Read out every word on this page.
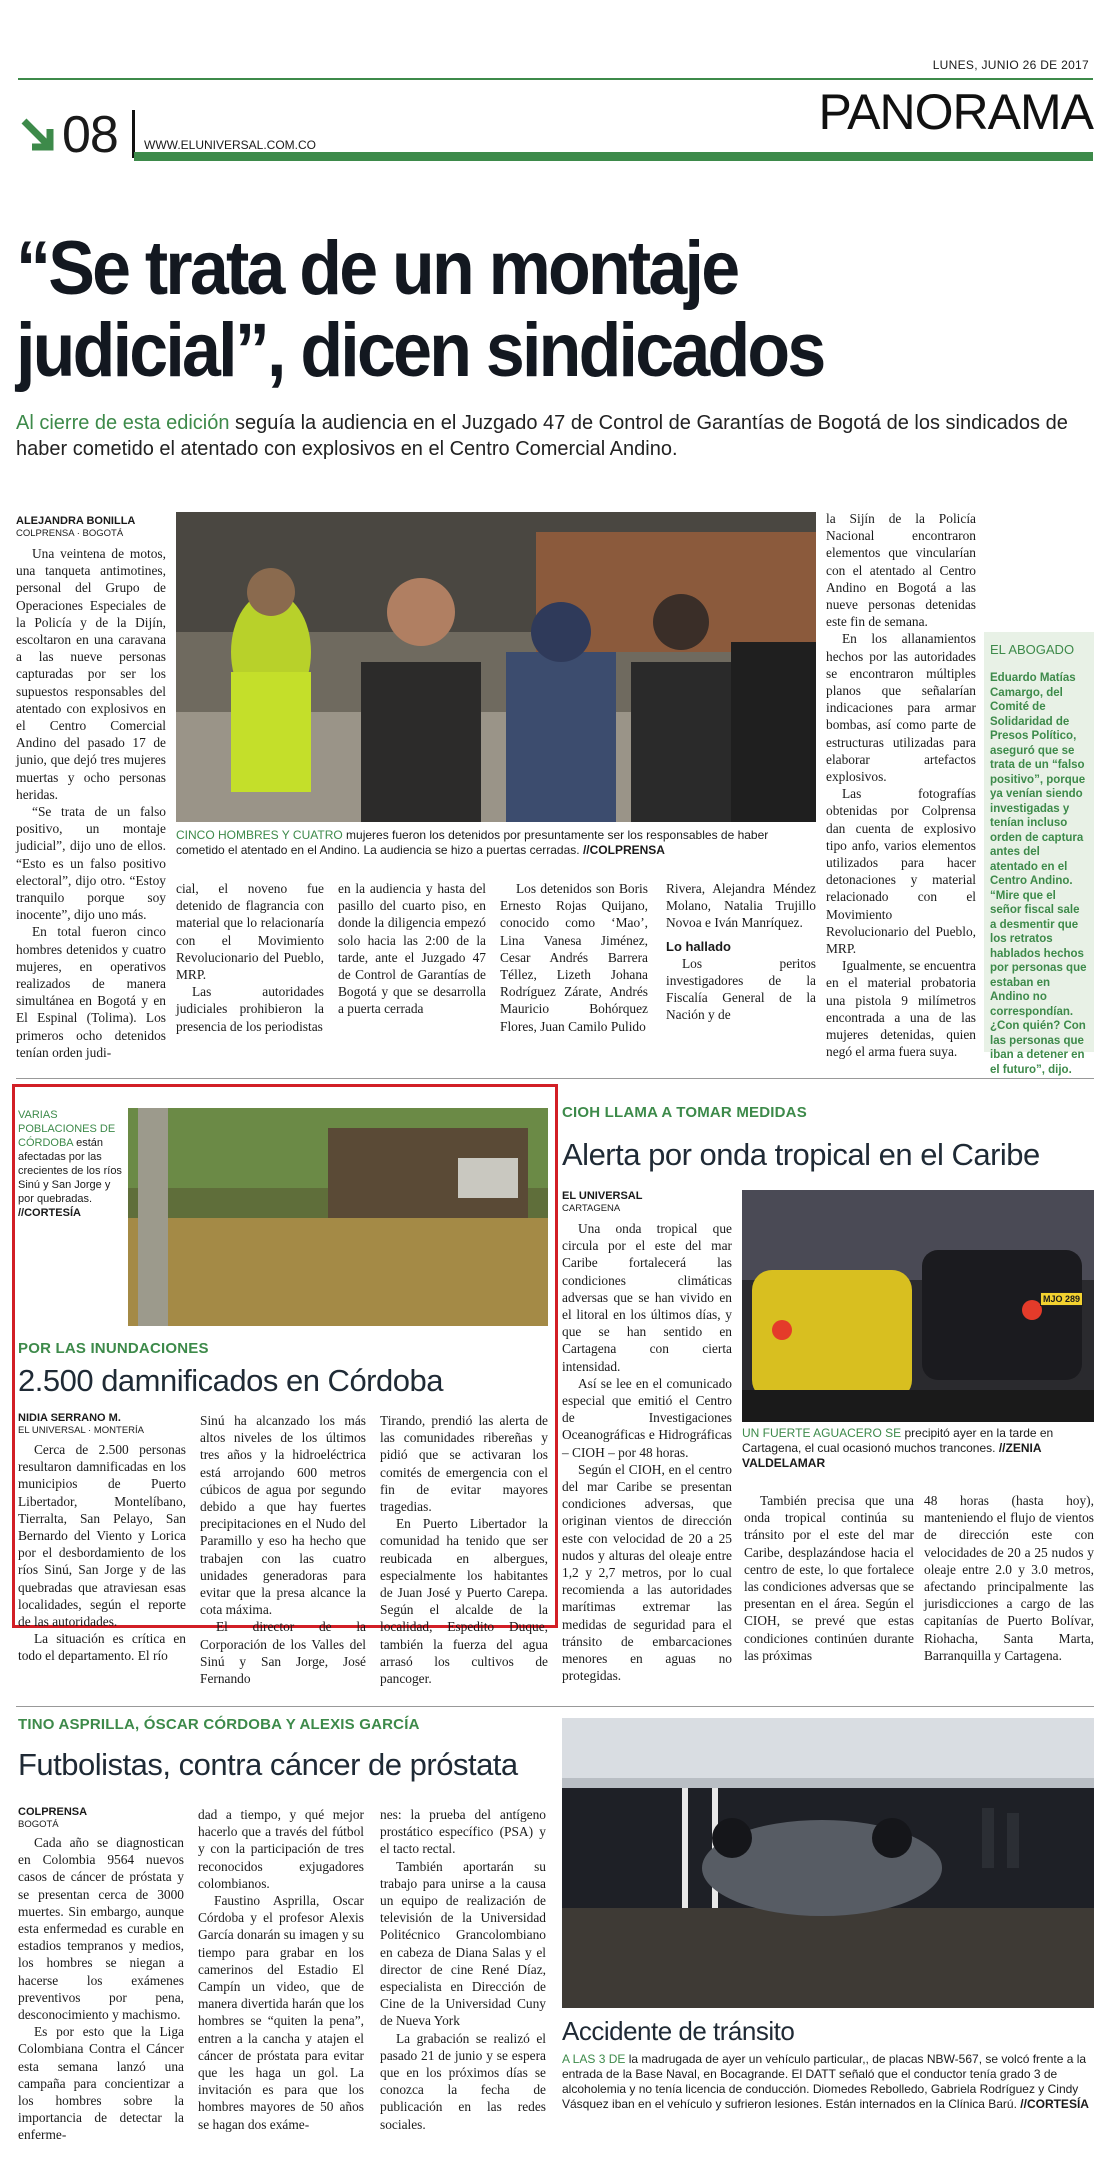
LUNES, JUNIO 26 DE 2017
PANORAMA
08 WWW.ELUNIVERSAL.COM.CO
“Se trata de un montaje
judicial”, dicen sindicados
Al cierre de esta edición seguía la audiencia en el Juzgado 47 de Control de Garantías de Bogotá de los sindicados de haber cometido el atentado con explosivos en el Centro Comercial Andino.
ALEJANDRA BONILLA
COLPRENSA · BOGOTÁ

Una veintena de motos, una tanqueta antimotines, personal del Grupo de Operaciones Especiales de la Policía y de la Dijín, escoltaron en una caravana a las nueve personas capturadas por ser los supuestos responsables del atentado con explosivos en el Centro Comercial Andino del pasado 17 de junio, que dejó tres mujeres muertas y ocho personas heridas.

“Se trata de un falso positivo, un montaje judicial”, dijo uno de ellos. “Esto es un falso positivo electoral”, dijo otro. “Estoy tranquilo porque soy inocente”, dijo uno más.

En total fueron cinco hombres detenidos y cuatro mujeres, en operativos realizados de manera simultánea en Bogotá y en El Espinal (Tolima). Los primeros ocho detenidos tenían orden judi-

CINCO HOMBRES Y CUATRO mujeres fueron los detenidos por presuntamente ser los responsables de haber cometido el atentado en el Andino. La audiencia se hizo a puertas cerradas. //COLPRENSA

cial, el noveno fue detenido de flagrancia con material que lo relacionaría con el Movimiento Revolucionario del Pueblo, MRP.

Las autoridades judiciales prohibieron la presencia de los periodistas

en la audiencia y hasta del pasillo del cuarto piso, en donde la diligencia empezó solo hacia las 2:00 de la tarde, ante el Juzgado 47 de Control de Garantías de Bogotá y que se desarrolla a puerta cerrada

Los detenidos son Boris Ernesto Rojas Quijano, conocido como ‘Mao’, Lina Vanesa Jiménez, Cesar Andrés Barrera Téllez, Lizeth Johana Rodríguez Zárate, Andrés Mauricio Bohórquez Flores, Juan Camilo Pulido

Rivera, Alejandra Méndez Molano, Natalia Trujillo Novoa e Iván Manríquez.

Lo hallado

Los peritos investigadores de la Fiscalía General de la Nación y de

la Sijín de la Policía Nacional encontraron elementos que vincularían con el atentado al Centro Andino en Bogotá a las nueve personas detenidas este fin de semana.

En los allanamientos hechos por las autoridades se encontraron múltiples planos que señalarían indicaciones para armar bombas, así como parte de estructuras utilizadas para elaborar artefactos explosivos.

Las fotografías obtenidas por Colprensa dan cuenta de explosivo tipo anfo, varios elementos utilizados para hacer detonaciones y material relacionado con el Movimiento Revolucionario del Pueblo, MRP.

Igualmente, se encuentra en el material probatoria una pistola 9 milímetros encontrada a una de las mujeres detenidas, quien negó el arma fuera suya.

EL ABOGADO
Eduardo Matías Camargo, del Comité de Solidaridad de Presos Político, aseguró que se trata de un “falso positivo”, porque ya venían siendo investigadas y tenían incluso orden de captura antes del atentado en el Centro Andino. “Mire que el señor fiscal sale a desmentir que los retratos hablados hechos por personas que estaban en Andino no correspondían. ¿Con quién? Con las personas que iban a detener en el futuro”, dijo.
VARIAS POBLACIONES DE CÓRDOBA están afectadas por las crecientes de los ríos Sinú y San Jorge y por quebradas. //CORTESÍA
POR LAS INUNDACIONES
2.500 damnificados en Córdoba
NIDIA SERRANO M.
EL UNIVERSAL · MONTERÍA

Cerca de 2.500 personas resultaron damnificadas en los municipios de Puerto Libertador, Montelíbano, Tierralta, San Pelayo, San Bernardo del Viento y Lorica por el desbordamiento de los ríos Sinú, San Jorge y de las quebradas que atraviesan esas localidades, según el reporte de las autoridades.

La situación es crítica en todo el departamento. El río

Sinú ha alcanzado los más altos niveles de los últimos tres años y la hidroeléctrica está arrojando 600 metros cúbicos de agua por segundo debido a que hay fuertes precipitaciones en el Nudo del Paramillo y eso ha hecho que trabajen con las cuatro unidades generadoras para evitar que la presa alcance la cota máxima.

El director de la Corporación de los Valles del Sinú y San Jorge, José Fernando

Tirando, prendió las alerta de las comunidades ribereñas y pidió que se activaran los comités de emergencia con el fin de evitar mayores tragedias.

En Puerto Libertador la comunidad ha tenido que ser reubicada en albergues, especialmente los habitantes de Juan José y Puerto Carepa. Según el alcalde de la localidad, Espedito Duque, también la fuerza del agua arrasó los cultivos de pancoger.

CIOH LLAMA A TOMAR MEDIDAS
Alerta por onda tropical en el Caribe
EL UNIVERSAL
CARTAGENA

Una onda tropical que circula por el este del mar Caribe fortalecerá las condiciones climáticas adversas que se han vivido en el litoral en los últimos días, y que se han sentido en Cartagena con cierta intensidad.

Así se lee en el comunicado especial que emitió el Centro de Investigaciones Oceanográficas e Hidrográficas – CIOH – por 48 horas.

Según el CIOH, en el centro del mar Caribe se presentan condiciones adversas, que originan vientos de dirección este con velocidad de 20 a 25 nudos y alturas del oleaje entre 1,2 y 2,7 metros, por lo cual recomienda a las autoridades marítimas extremar las medidas de seguridad para el tránsito de embarcaciones menores en aguas no protegidas.

MJO 289
UN FUERTE AGUACERO SE precipitó ayer en la tarde en Cartagena, el cual ocasionó muchos trancones. //ZENIA VALDELAMAR

También precisa que una onda tropical continúa su tránsito por el este del mar Caribe, desplazándose hacia el centro de este, lo que fortalece las condiciones adversas que se presentan en el área. Según el CIOH, se prevé que estas condiciones continúen durante las próximas

48 horas (hasta hoy), manteniendo el flujo de vientos de dirección este con velocidades de 20 a 25 nudos y oleaje entre 2.0 y 3.0 metros, afectando principalmente las jurisdicciones a cargo de las capitanías de Puerto Bolívar, Riohacha, Santa Marta, Barranquilla y Cartagena.

TINO ASPRILLA, ÓSCAR CÓRDOBA Y ALEXIS GARCÍA
Futbolistas, contra cáncer de próstata
COLPRENSA
BOGOTÁ

Cada año se diagnostican en Colombia 9564 nuevos casos de cáncer de próstata y se presentan cerca de 3000 muertes. Sin embargo, aunque esta enfermedad es curable en estadios tempranos y medios, los hombres se niegan a hacerse los exámenes preventivos por pena, desconocimiento y machismo.

Es por esto que la Liga Colombiana Contra el Cáncer esta semana lanzó una campaña para concientizar a los hombres sobre la importancia de detectar la enferme-

dad a tiempo, y qué mejor hacerlo que a través del fútbol y con la participación de tres reconocidos exjugadores colombianos.

Faustino Asprilla, Oscar Córdoba y el profesor Alexis García donarán su imagen y su tiempo para grabar en los camerinos del Estadio El Campín un video, que de manera divertida harán que los hombres se “quiten la pena”, entren a la cancha y atajen el cáncer de próstata para evitar que les haga un gol. La invitación es para que los hombres mayores de 50 años se hagan dos exáme-

nes: la prueba del antígeno prostático específico (PSA) y el tacto rectal.

También aportarán su trabajo para unirse a la causa un equipo de realización de televisión de la Universidad Politécnico Grancolombiano en cabeza de Diana Salas y el director de cine René Díaz, especialista en Dirección de Cine de la Universidad Cuny de Nueva York

La grabación se realizó el pasado 21 de junio y se espera que en los próximos días se conozca la fecha de publicación en las redes sociales.

Accidente de tránsito
A LAS 3 DE la madrugada de ayer un vehículo particular,, de placas NBW-567, se volcó frente a la entrada de la Base Naval, en Bocagrande. El DATT señaló que el conductor tenía grado 3 de alcoholemia y no tenía licencia de conducción. Diomedes Rebolledo, Gabriela Rodríguez y Cindy Vásquez iban en el vehículo y sufrieron lesiones. Están internados en la Clínica Barú. //CORTESÍA
